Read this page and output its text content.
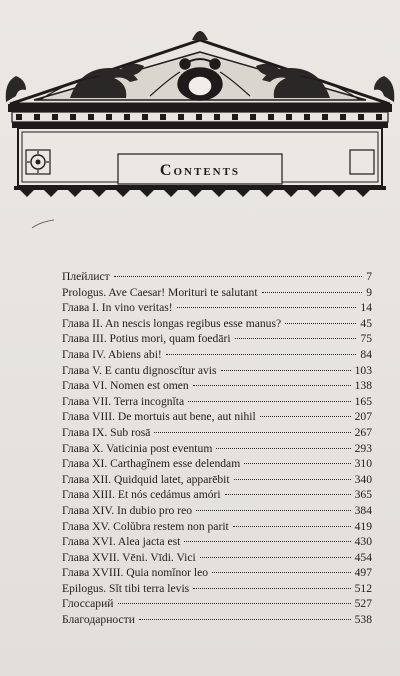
Contents
Плейлист	7
Prologus. Ave Caesar! Morituri te salutant	9
Глава I. In vino veritas!	14
Глава II. An nescis longas regibus esse manus?	45
Глава III. Potius mori, quam foedāri	75
Глава IV. Abiens abi!	84
Глава V. E cantu dignoscĭtur avis	103
Глава VI. Nomen est omen	138
Глава VII. Terra incognĭta	165
Глава VIII. De mortuis aut bene, aut nihil	207
Глава IX. Sub rosā	267
Глава X. Vaticinia post eventum	293
Глава XI. Carthagĭnem esse delendam	310
Глава XII. Quidquid latet, apparēbit	340
Глава XIII. Et nós cedámus amóri	365
Глава XIV. In dubio pro reo	384
Глава XV. Colŭbra restem non parit	419
Глава XVI. Alea jacta est	430
Глава XVII. Vēni. Vīdi. Vici	454
Глава XVIII. Quia nomĭnor leo	497
Epilogus. Sĭt tibi terra levis	512
Глоссарий	527
Благодарности	538
